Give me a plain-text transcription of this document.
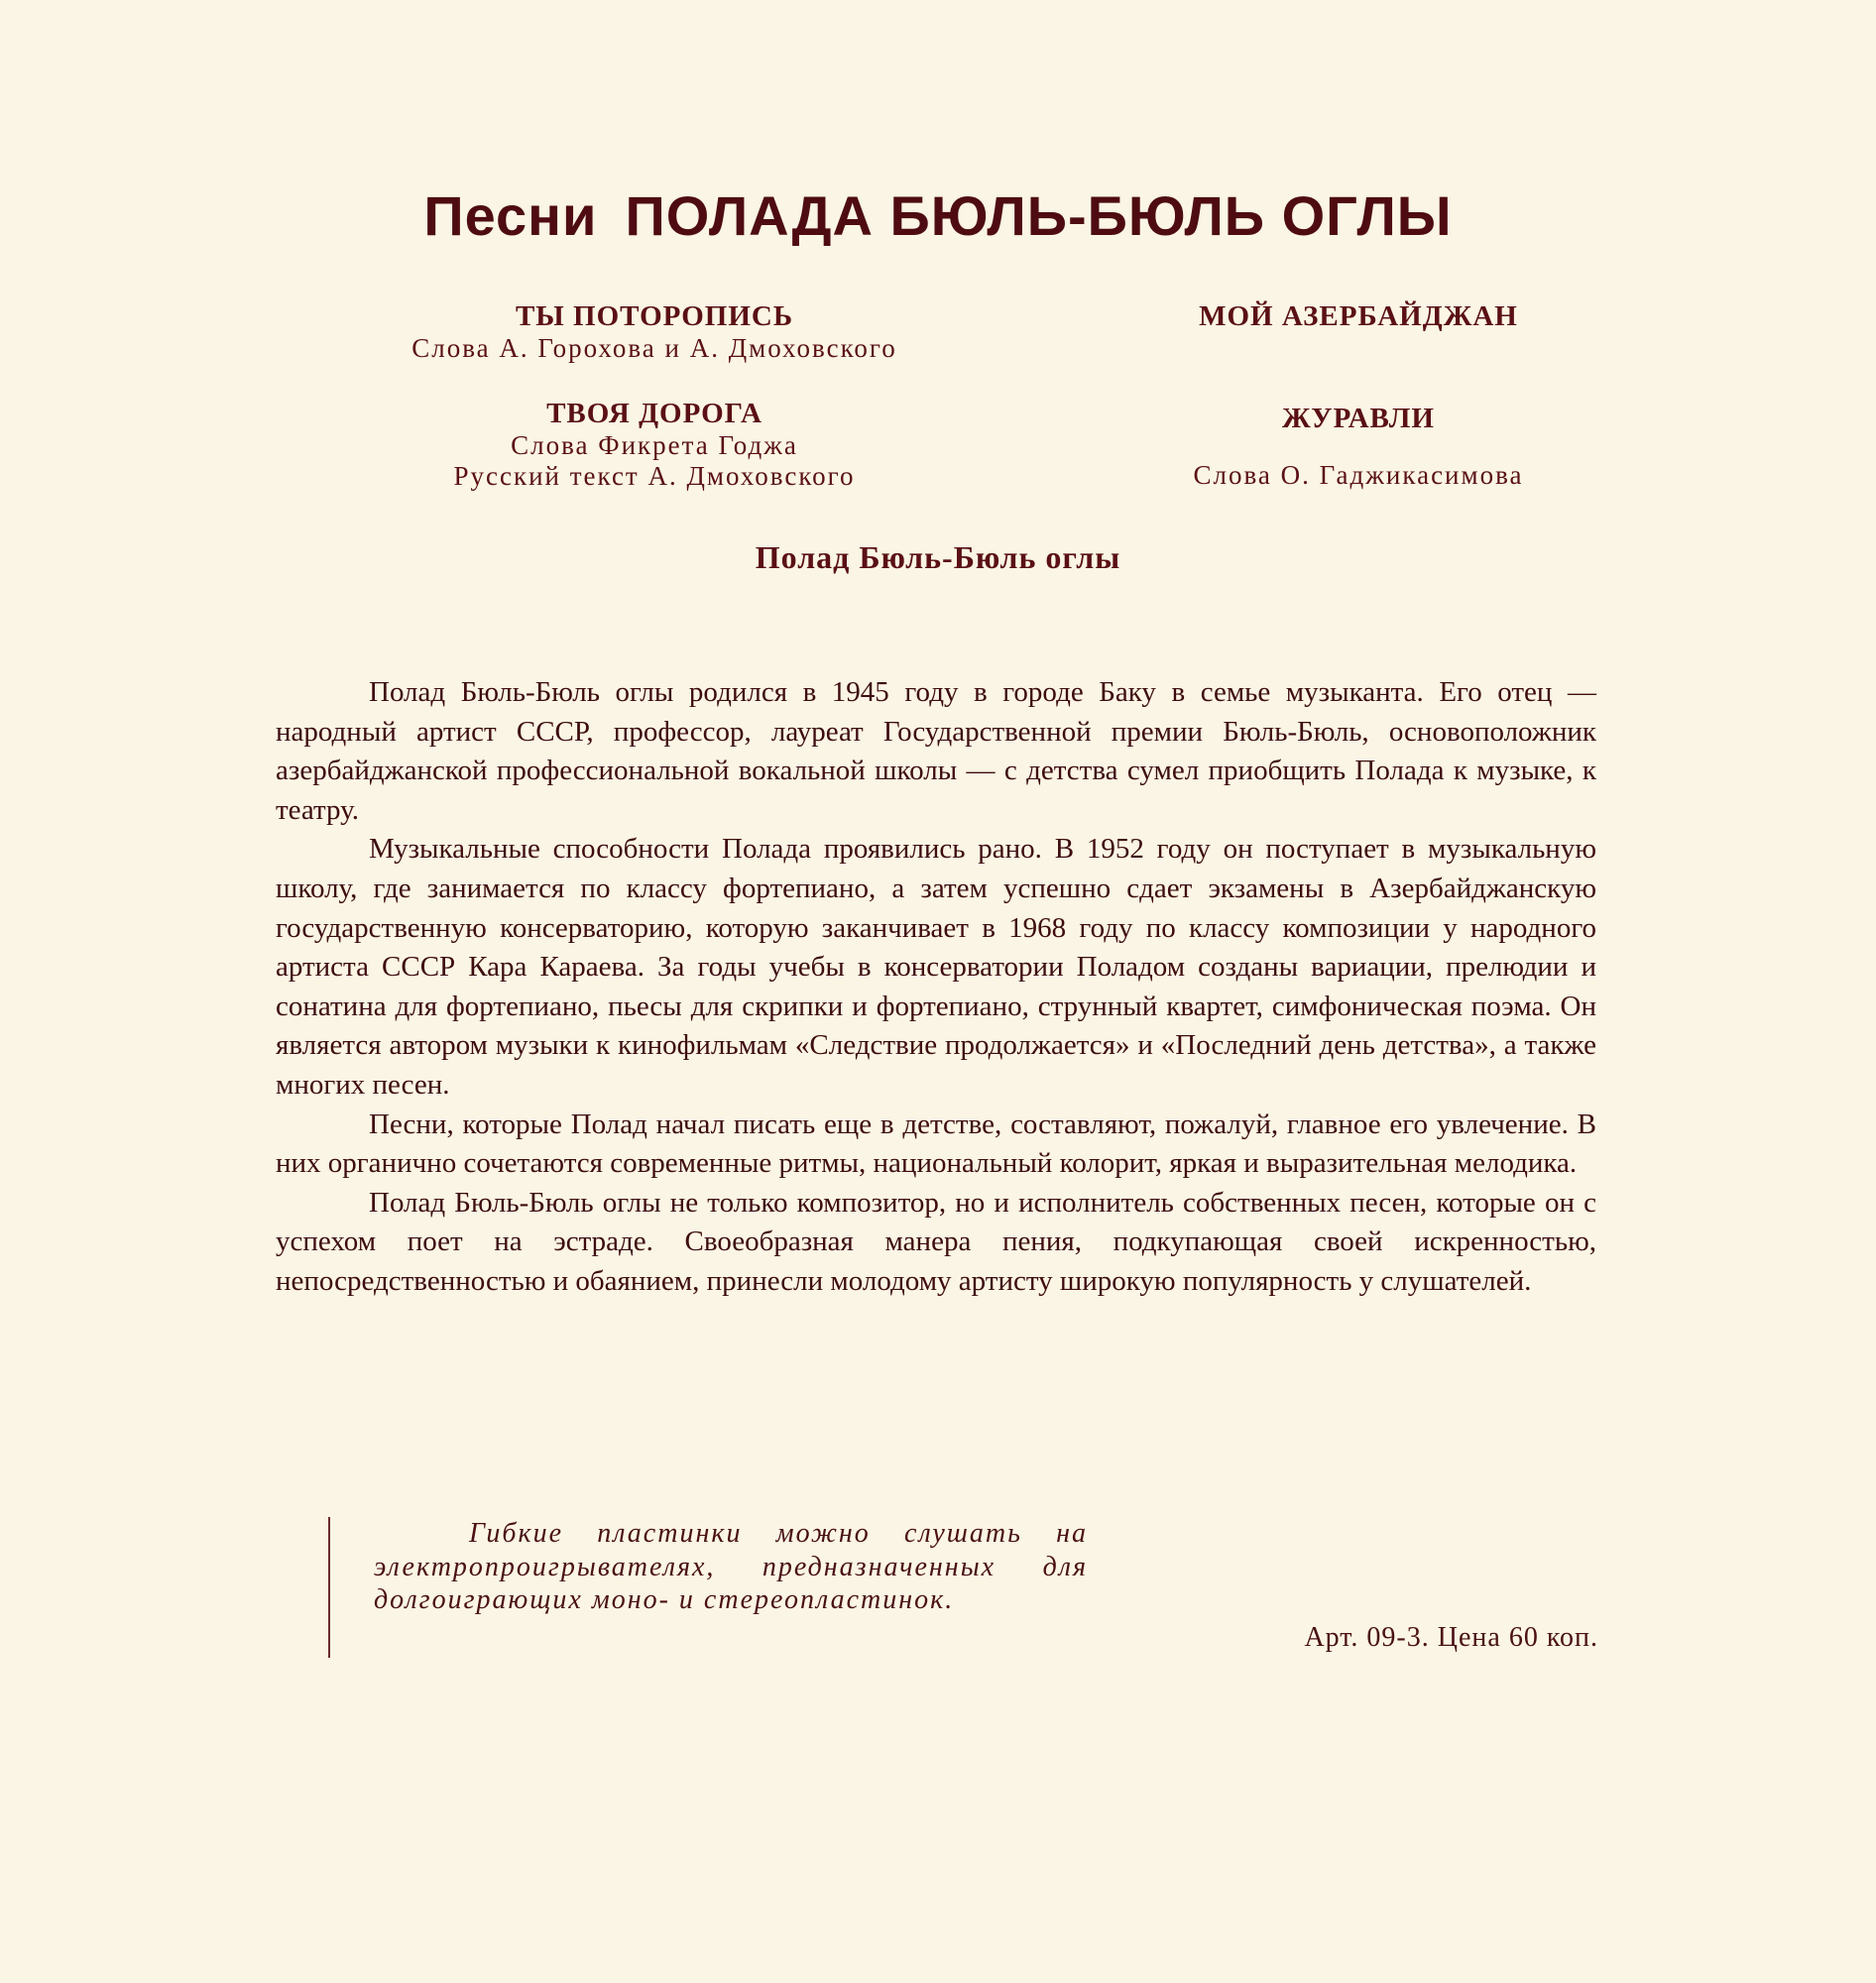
Песни ПОЛАДА БЮЛЬ-БЮЛЬ ОГЛЫ
ТЫ ПОТОРОПИСЬ
Слова А. Горохова и А. Дмоховского
ТВОЯ ДОРОГА
Слова Фикрета Годжа
Русский текст А. Дмоховского
МОЙ АЗЕРБАЙДЖАН
ЖУРАВЛИ
Слова О. Гаджикасимова
Полад Бюль-Бюль оглы

Полад Бюль-Бюль оглы родился в 1945 году в городе Баку в семье музыканта. Его отец — народный артист СССР, профессор, лауреат Государственной премии Бюль-Бюль, основоположник азербайджанской профессиональной вокальной школы — с детства сумел приобщить Полада к музыке, к театру.

Музыкальные способности Полада проявились рано. В 1952 году он поступает в музыкальную школу, где занимается по классу фортепиано, а затем успешно сдает экзамены в Азербайджанскую государственную консерваторию, которую заканчивает в 1968 году по классу композиции у народного артиста СССР Кара Караева. За годы учебы в консерватории Поладом созданы вариации, прелюдии и сонатина для фортепиано, пьесы для скрипки и фортепиано, струнный квартет, симфоническая поэма. Он является автором музыки к кинофильмам «Следствие продолжается» и «Последний день детства», а также многих песен.

Песни, которые Полад начал писать еще в детстве, составляют, пожалуй, главное его увлечение. В них органично сочетаются современные ритмы, национальный колорит, яркая и выразительная мелодика.

Полад Бюль-Бюль оглы не только композитор, но и исполнитель собственных песен, которые он с успехом поет на эстраде. Своеобразная манера пения, подкупающая своей искренностью, непосредственностью и обаянием, принесли молодому артисту широкую популярность у слушателей.

Гибкие пластинки можно слушать на электропроигрывателях, предназначенных для долгоиграющих моно- и стереопластинок.

Арт. 09-3. Цена 60 коп.
